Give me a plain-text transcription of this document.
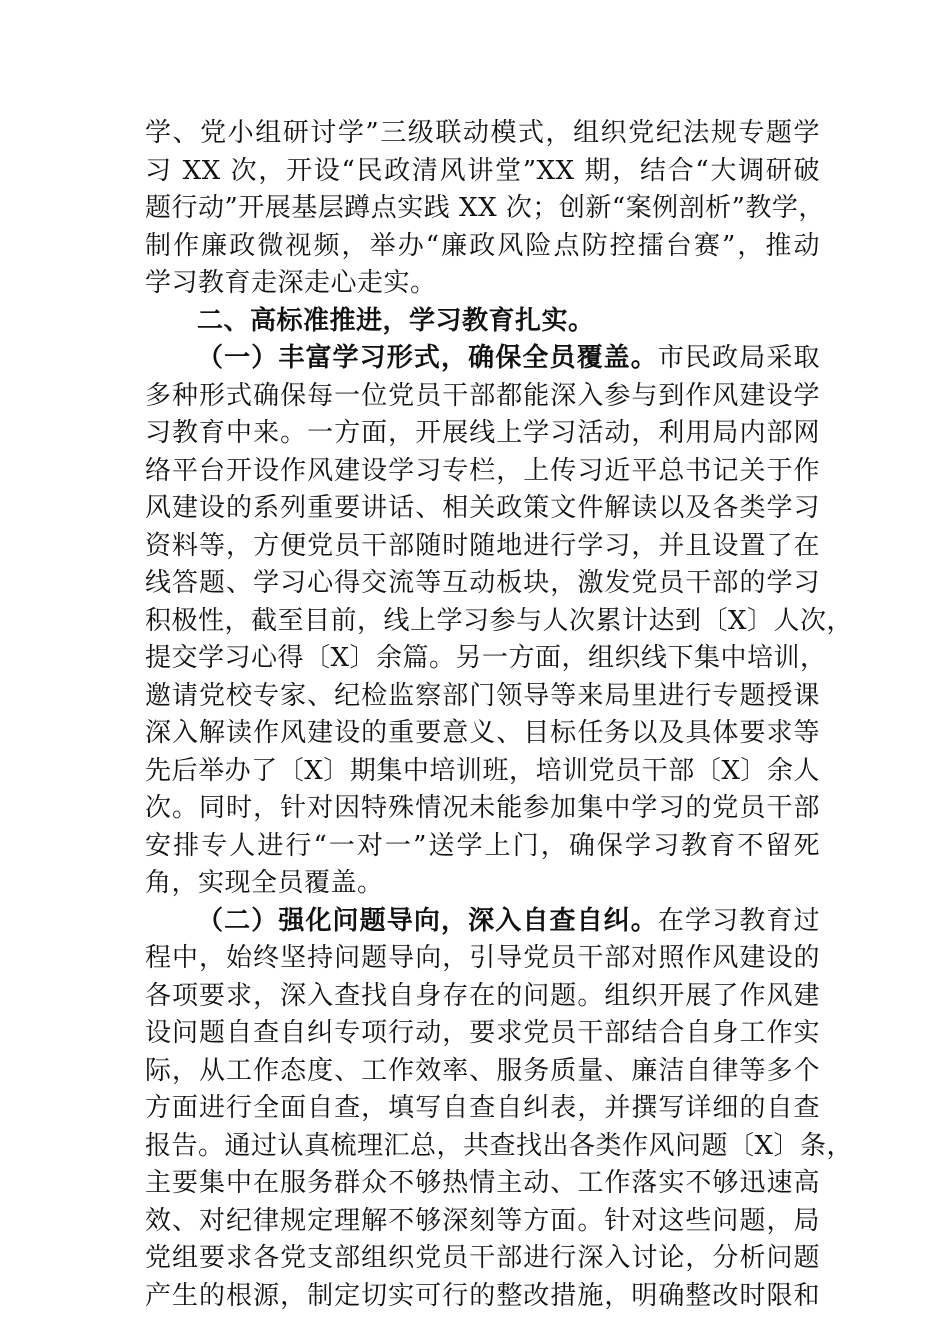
学、党小组研讨学”三级联动模式，组织党纪法规专题学
习 XX 次，开设“民政清风讲堂”XX 期，结合“大调研破
题行动”开展基层蹲点实践 XX 次；创新“案例剖析”教学，
制作廉政微视频，举办“廉政风险点防控擂台赛”，推动
学习教育走深走心走实。
二、高标准推进，学习教育扎实。
（一）丰富学习形式，确保全员覆盖。市民政局采取
多种形式确保每一位党员干部都能深入参与到作风建设学
习教育中来。一方面，开展线上学习活动，利用局内部网
络平台开设作风建设学习专栏，上传习近平总书记关于作
风建设的系列重要讲话、相关政策文件解读以及各类学习
资料等，方便党员干部随时随地进行学习，并且设置了在
线答题、学习心得交流等互动板块，激发党员干部的学习
积极性，截至目前，线上学习参与人次累计达到〔X〕人次，
提交学习心得〔X〕余篇。另一方面，组织线下集中培训，
邀请党校专家、纪检监察部门领导等来局里进行专题授课
深入解读作风建设的重要意义、目标任务以及具体要求等
先后举办了〔X〕期集中培训班，培训党员干部〔X〕余人
次。同时，针对因特殊情况未能参加集中学习的党员干部
安排专人进行“一对一”送学上门，确保学习教育不留死
角，实现全员覆盖。
（二）强化问题导向，深入自查自纠。在学习教育过
程中，始终坚持问题导向，引导党员干部对照作风建设的
各项要求，深入查找自身存在的问题。组织开展了作风建
设问题自查自纠专项行动，要求党员干部结合自身工作实
际，从工作态度、工作效率、服务质量、廉洁自律等多个
方面进行全面自查，填写自查自纠表，并撰写详细的自查
报告。通过认真梳理汇总，共查找出各类作风问题〔X〕条，
主要集中在服务群众不够热情主动、工作落实不够迅速高
效、对纪律规定理解不够深刻等方面。针对这些问题，局
党组要求各党支部组织党员干部进行深入讨论，分析问题
产生的根源，制定切实可行的整改措施，明确整改时限和
